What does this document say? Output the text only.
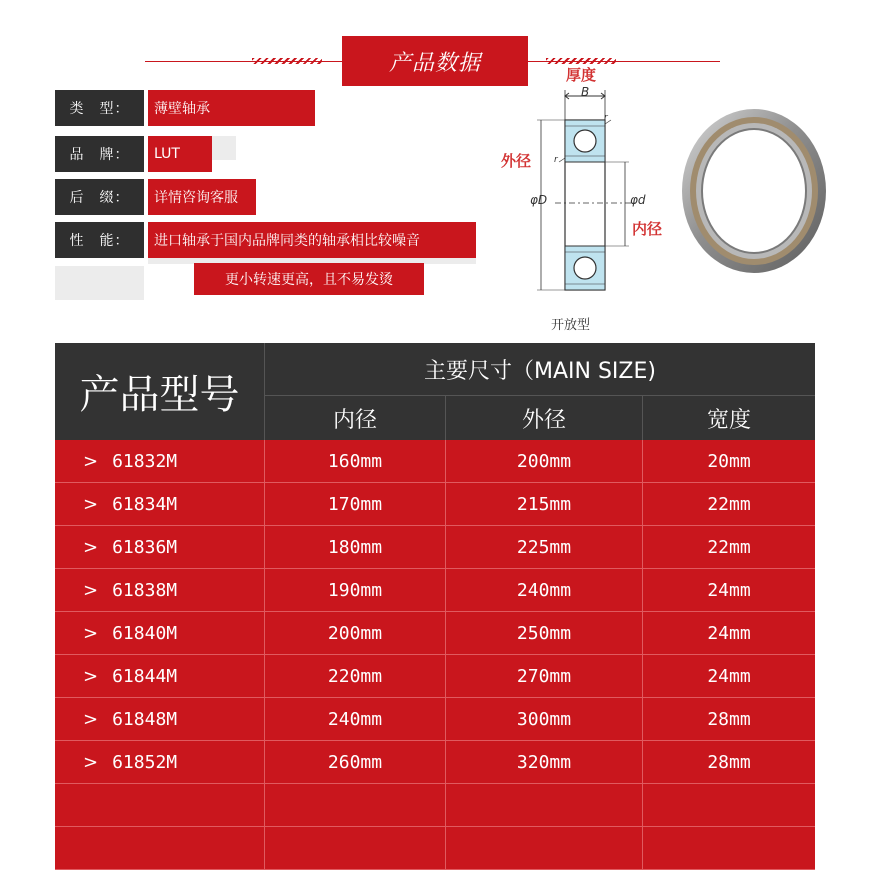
产品数据
类　型：	薄壁轴承
品　牌：	LUT
后　缀：	详情咨询客服
性　能：	进口轴承于国内品牌同类的轴承相比较噪音
更小转速更高，且不易发烫
厚度
B
外径
φD	φd
内径
r
r
开放型
产品型号
主要尺寸（MAIN SIZE)
内径	外径	宽度
> 61832M	160mm	200mm	20mm
> 61834M	170mm	215mm	22mm
> 61836M	180mm	225mm	22mm
> 61838M	190mm	240mm	24mm
> 61840M	200mm	250mm	24mm
> 61844M	220mm	270mm	24mm
> 61848M	240mm	300mm	28mm
> 61852M	260mm	320mm	28mm
